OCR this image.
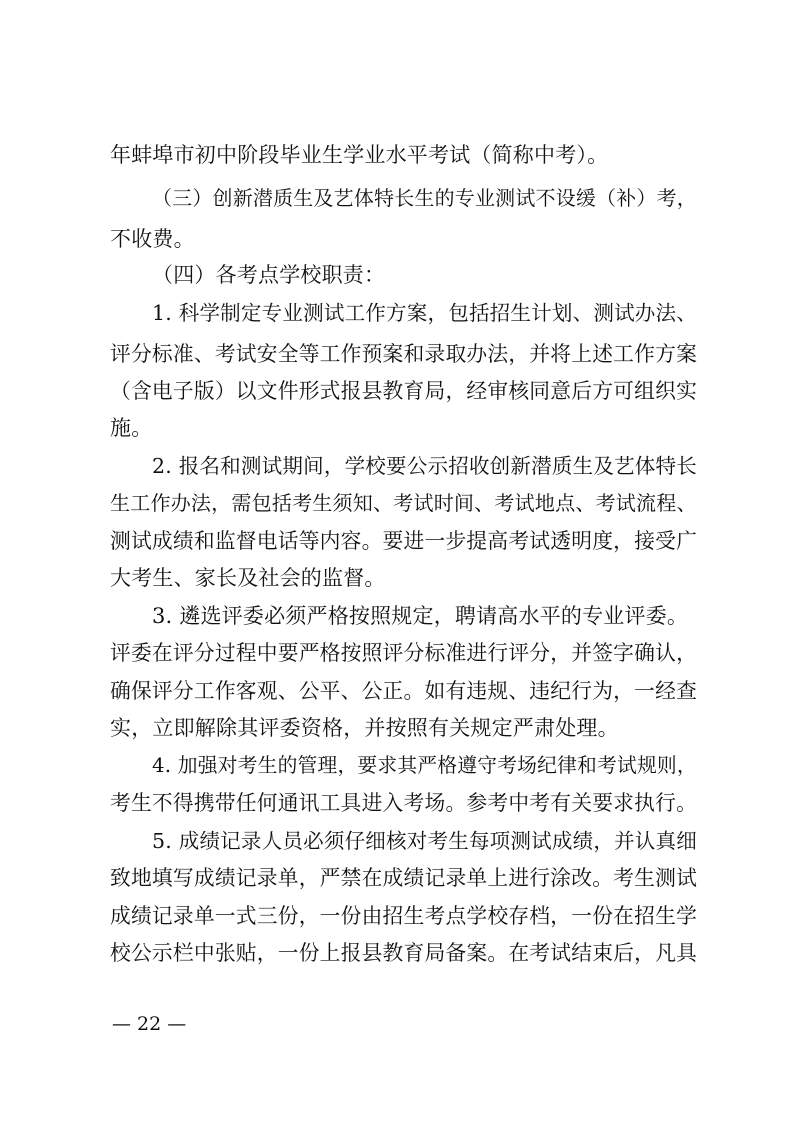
年蚌埠市初中阶段毕业生学业水平考试（简称中考）。
（三）创新潜质生及艺体特长生的专业测试不设缓（补）考，
不收费。
（四）各考点学校职责：
1. 科学制定专业测试工作方案，包括招生计划、测试办法、
评分标准、考试安全等工作预案和录取办法，并将上述工作方案
（含电子版）以文件形式报县教育局，经审核同意后方可组织实
施。
2. 报名和测试期间，学校要公示招收创新潜质生及艺体特长
生工作办法，需包括考生须知、考试时间、考试地点、考试流程、
测试成绩和监督电话等内容。要进一步提高考试透明度，接受广
大考生、家长及社会的监督。
3. 遴选评委必须严格按照规定，聘请高水平的专业评委。
评委在评分过程中要严格按照评分标准进行评分，并签字确认，
确保评分工作客观、公平、公正。如有违规、违纪行为，一经查
实，立即解除其评委资格，并按照有关规定严肃处理。
4. 加强对考生的管理，要求其严格遵守考场纪律和考试规则，
考生不得携带任何通讯工具进入考场。参考中考有关要求执行。
5. 成绩记录人员必须仔细核对考生每项测试成绩，并认真细
致地填写成绩记录单，严禁在成绩记录单上进行涂改。考生测试
成绩记录单一式三份，一份由招生考点学校存档，一份在招生学
校公示栏中张贴，一份上报县教育局备案。在考试结束后，凡具
— 22 —
